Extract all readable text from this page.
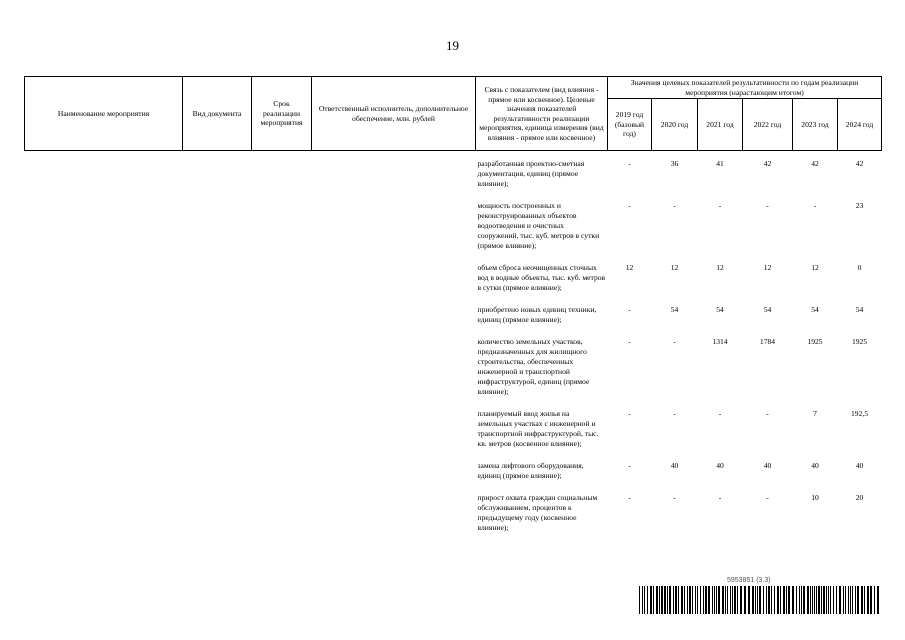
19
Наименование мероприятия	Вид документа	Срок реализации мероприятия	Ответственный исполнитель, дополнительное обеспечение, млн. рублей	Связь с показателем (вид влияния - прямое или косвенное). Целевые значения показателей результативности реализации мероприятия, единица измерения (вид влияния - прямое или косвенное)	Значения целевых показателей результативности по годам реализации мероприятия (нарастающим итогом)					
					2019 год (базовый год)	2020 год	2021 год	2022 год	2023 год	2024 год
				разработанная проектно-сметная документация, единиц (прямое влияние);	-	36	41	42	42	42
				мощность построенных и реконструированных объектов водоотведения и очистных сооружений, тыс. куб. метров в сутки (прямое влияние);	-	-	-	-	-	23
				объем сброса неочищенных сточных вод в водные объекты, тыс. куб. метров в сутки (прямое влияние);	12	12	12	12	12	0
				приобретено новых единиц техники, единиц (прямое влияние);	-	54	54	54	54	54
				количество земельных участков, предназначенных для жилищного строительства, обеспеченных инженерной и транспортной инфраструктурой, единиц (прямое влияние);	-	-	1314	1784	1925	1925
				планируемый ввод жилья на земельных участках с инженерной и транспортной инфраструктурой, тыс. кв. метров (косвенное влияние);	-	-	-	-	7	192,5
				замена лифтового оборудования, единиц (прямое влияние);	-	40	40	40	40	40
				прирост охвата граждан социальным обслуживанием, процентов к предыдущему году (косвенное влияние);	-	-	-	-	10	20
5953851 (3.3)
